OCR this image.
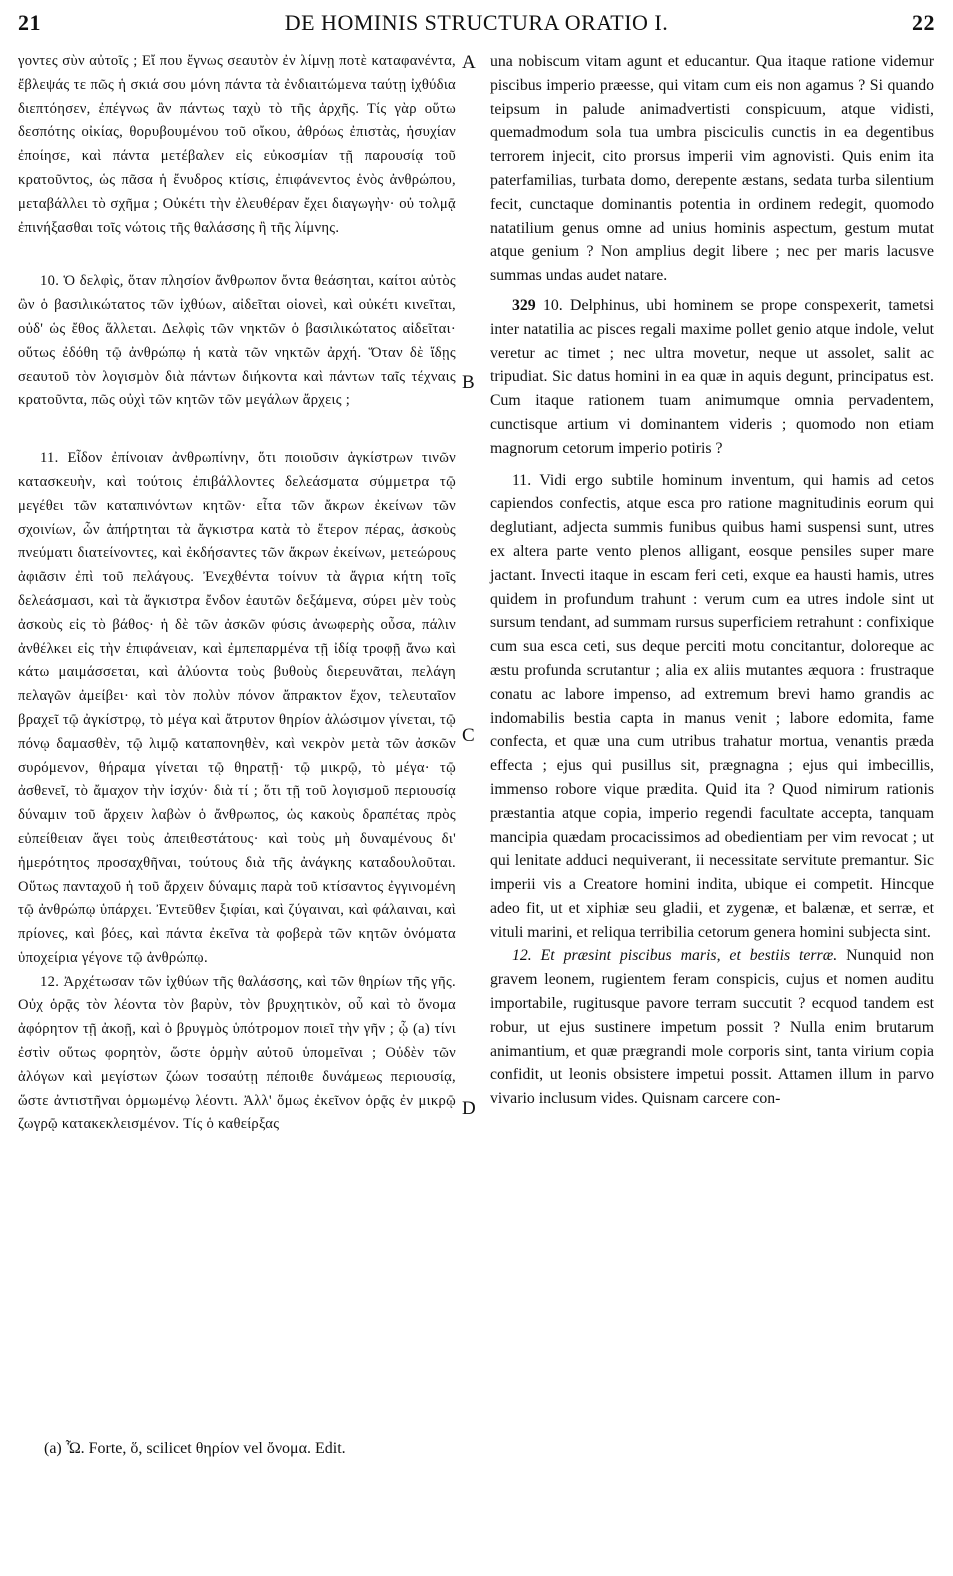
21	DE HOMINIS STRUCTURA ORATIO I.	22

γοντες σὺν αὐτοῖς ; Εἴ που ἔγνως σεαυτὸν ἐν λίμνῃ ποτὲ καταφανέντα, ἔβλεψάς τε πῶς ἡ σκιά σου μόνη πάντα τὰ ἐνδιαιτώμενα ταύτῃ ἰχθύδια διεπτόησεν, ἐπέγνως ἂν πάντως ταχὺ τὸ τῆς ἀρχῆς. Τίς γὰρ οὕτω δεσπότης οἰκίας, θορυβουμένου τοῦ οἴκου, ἀθρόως ἐπιστὰς, ἡσυχίαν ἐποίησε, καὶ πάντα μετέβαλεν εἰς εὐκοσμίαν τῇ παρουσίᾳ τοῦ κρατοῦντος, ὡς πᾶσα ἡ ἔνυδρος κτίσις, ἐπιφάνεντος ἑνὸς ἀνθρώπου, μεταβάλλει τὸ σχῆμα ; Οὐκέτι τὴν ἐλευθέραν ἔχει διαγωγὴν· οὐ τολμᾷ ἐπινήξασθαι τοῖς νώτοις τῆς θαλάσσης ἢ τῆς λίμνης.

10. Ὁ δελφὶς, ὅταν πλησίον ἄνθρωπον ὄντα θεάσηται, καίτοι αὐτὸς ὢν ὁ βασιλικώτατος τῶν ἰχθύων, αἰδεῖται οἱονεὶ, καὶ οὐκέτι κινεῖται, οὐδ' ὡς ἔθος ἅλλεται. Δελφὶς τῶν νηκτῶν ὁ βασιλικώτατος αἰδεῖται· οὕτως ἐδόθη τῷ ἀνθρώπῳ ἡ κατὰ τῶν νηκτῶν ἀρχή. Ὅταν δὲ ἴδῃς σεαυτοῦ τὸν λογισμὸν διὰ πάντων διήκοντα καὶ πάντων ταῖς τέχναις κρατοῦντα, πῶς οὐχὶ τῶν κητῶν τῶν μεγάλων ἄρχεις ;

11. Εἶδον ἐπίνοιαν ἀνθρωπίνην, ὅτι ποιοῦσιν ἀγκίστρων τινῶν κατασκευὴν, καὶ τούτοις ἐπιβάλλοντες δελεάσματα σύμμετρα τῷ μεγέθει τῶν καταπινόντων κητῶν· εἶτα τῶν ἄκρων ἐκείνων τῶν σχοινίων, ὧν ἀπήρτηται τὰ ἄγκιστρα κατὰ τὸ ἕτερον πέρας, ἀσκοὺς πνεύματι διατείνοντες, καὶ ἐκδήσαντες τῶν ἄκρων ἐκείνων, μετεώρους ἀφιᾶσιν ἐπὶ τοῦ πελάγους. Ἐνεχθέντα τοίνυν τὰ ἄγρια κήτη τοῖς δελεάσμασι, καὶ τὰ ἄγκιστρα ἔνδον ἑαυτῶν δεξάμενα, σύρει μὲν τοὺς ἀσκοὺς εἰς τὸ βάθος· ἡ δὲ τῶν ἀσκῶν φύσις ἀνωφερὴς οὖσα, πάλιν ἀνθέλκει εἰς τὴν ἐπιφάνειαν, καὶ ἐμπεπαρμένα τῇ ἰδίᾳ τροφῇ ἄνω καὶ κάτω μαιμάσσεται, καὶ ἀλύοντα τοὺς βυθοὺς διερευνᾶται, πελάγη πελαγῶν ἀμείβει· καὶ τὸν πολὺν πόνον ἄπρακτον ἔχον, τελευταῖον βραχεῖ τῷ ἀγκίστρῳ, τὸ μέγα καὶ ἄτρυτον θηρίον ἁλώσιμον γίνεται, τῷ πόνῳ δαμασθὲν, τῷ λιμῷ καταπονηθὲν, καὶ νεκρὸν μετὰ τῶν ἀσκῶν συρόμενον, θήραμα γίνεται τῷ θηρατῇ· τῷ μικρῷ, τὸ μέγα· τῷ ἀσθενεῖ, τὸ ἄμαχον τὴν ἰσχύν· διὰ τί ; ὅτι τῇ τοῦ λογισμοῦ περιουσίᾳ δύναμιν τοῦ ἄρχειν λαβὼν ὁ ἄνθρωπος, ὡς κακοὺς δραπέτας πρὸς εὐπείθειαν ἄγει τοὺς ἀπειθεστάτους· καὶ τοὺς μὴ δυναμένους δι' ἡμερότητος προσαχθῆναι, τούτους διὰ τῆς ἀνάγκης καταδουλοῦται. Οὕτως πανταχοῦ ἡ τοῦ ἄρχειν δύναμις παρὰ τοῦ κτίσαντος ἐγγινομένη τῷ ἀνθρώπῳ ὑπάρχει. Ἐντεῦθεν ξιφίαι, καὶ ζύγαιναι, καὶ φάλαιναι, καὶ πρίονες, καὶ βόες, καὶ πάντα ἐκεῖνα τὰ φοβερὰ τῶν κητῶν ὀνόματα ὑποχείρια γέγονε τῷ ἀνθρώπῳ.

12. Ἀρχέτωσαν τῶν ἰχθύων τῆς θαλάσσης, καὶ τῶν θηρίων τῆς γῆς. Οὐχ ὁρᾷς τὸν λέοντα τὸν βαρὺν, τὸν βρυχητικὸν, οὗ καὶ τὸ ὄνομα ἀφόρητον τῇ ἀκοῇ, καὶ ὁ βρυγμὸς ὑπότρομον ποιεῖ τὴν γῆν ; ᾧ (a) τίνι ἐστὶν οὕτως φορητὸν, ὥστε ὁρμὴν αὐτοῦ ὑπομεῖναι ; Οὐδὲν τῶν ἀλόγων καὶ μεγίστων ζώων τοσαύτῃ πέποιθε δυνάμεως περιουσίᾳ, ὥστε ἀντιστῆναι ὁρμωμένῳ λέοντι. Ἀλλ' ὅμως ἐκεῖνον ὁρᾷς ἐν μικρῷ ζωγρῷ κατακεκλεισμένον. Τίς ὁ καθείρξας

A
B
C
D

una nobiscum vitam agunt et educantur. Qua itaque ratione videmur piscibus imperio præesse, qui vitam cum eis non agamus ? Si quando teipsum in palude animadvertisti conspicuum, atque vidisti, quemadmodum sola tua umbra pisciculis cunctis in ea degentibus terrorem injecit, cito prorsus imperii vim agnovisti. Quis enim ita paterfamilias, turbata domo, derepente æstans, sedata turba silentium fecit, cunctaque dominantis potentia in ordinem redegit, quomodo natatilium genus omne ad unius hominis aspectum, gestum mutat atque genium ? Non amplius degit libere ; nec per maris lacusve summas undas audet natare.

329 10. Delphinus, ubi hominem se prope conspexerit, tametsi inter natatilia ac pisces regali maxime pollet genio atque indole, velut veretur ac timet ; nec ultra movetur, neque ut assolet, salit ac tripudiat. Sic datus homini in ea quæ in aquis degunt, principatus est. Cum itaque rationem tuam animumque omnia pervadentem, cunctisque artium vi dominantem videris ; quomodo non etiam magnorum cetorum imperio potiris ?

11. Vidi ergo subtile hominum inventum, qui hamis ad cetos capiendos confectis, atque esca pro ratione magnitudinis eorum qui deglutiant, adjecta summis funibus quibus hami suspensi sunt, utres ex altera parte vento plenos alligant, eosque pensiles super mare jactant. Invecti itaque in escam feri ceti, exque ea hausti hamis, utres quidem in profundum trahunt : verum cum ea utres indole sint ut sursum tendant, ad summam rursus superficiem retrahunt : confixique cum sua esca ceti, sus deque perciti motu concitantur, doloreque ac æstu profunda scrutantur ; alia ex aliis mutantes æquora : frustraque conatu ac labore impenso, ad extremum brevi hamo grandis ac indomabilis bestia capta in manus venit ; labore edomita, fame confecta, et quæ una cum utribus trahatur mortua, venantis præda effecta ; ejus qui pusillus sit, prægnagna ; ejus qui imbecillis, immenso robore viquе prædita. Quid ita ? Quod nimirum rationis præstantia atque copia, imperio regendi facultate accepta, tanquam mancipia quædam procacissimos ad obedientiam per vim revocat ; ut qui lenitate adduci nequiverant, ii necessitate servitute premantur. Sic imperii vis a Creatore homini indita, ubique ei competit. Hincque adeo fit, ut et xiphiæ seu gladii, et zygenæ, et balænæ, et serræ, et vituli marini, et reliqua terribilia cetorum genera homini subjecta sint.

12. Et præsint piscibus maris, et bestiis terræ. Nunquid non gravem leonem, rugientem feram conspicis, cujus et nomen auditu importabile, rugitusque pavore terram succutit ? ecquod tandem est robur, ut ejus sustinere impetum possit ? Nulla enim brutarum animantium, et quæ prægrandi mole corporis sint, tanta virium copia confidit, ut leonis obsistere impetui possit. Attamen illum in parvo vivario inclusum vides. Quisnam carcere con-

(a) Ὧ. Forte, ὅ, scilicet θηρίον vel ὄνομα. Edit.
